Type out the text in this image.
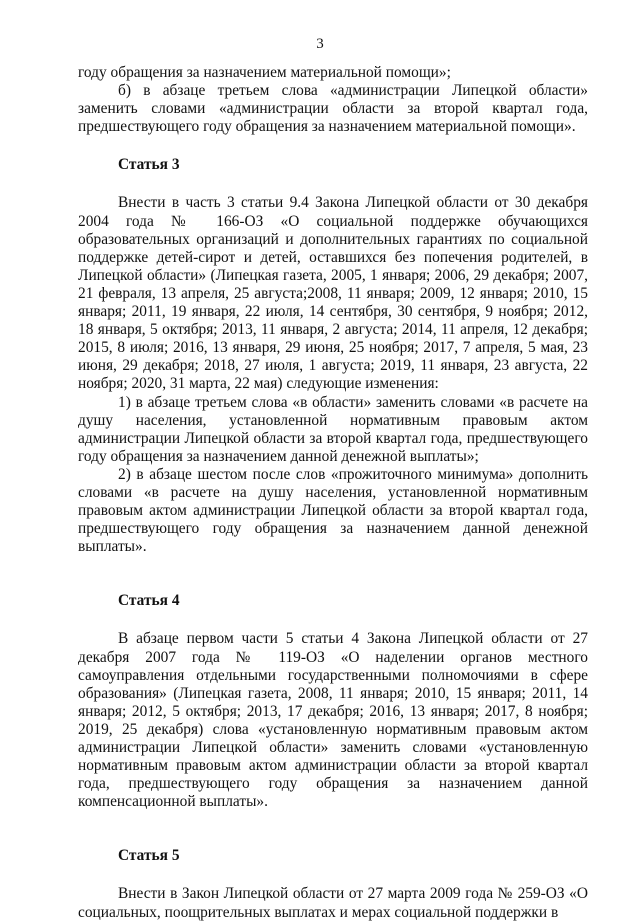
3

году обращения за назначением материальной помощи»;

б) в абзаце третьем слова «администрации Липецкой области» заменить словами «администрации области за второй квартал года, предшествующего году обращения за назначением материальной помощи».

Статья 3

Внести в часть 3 статьи 9.4 Закона Липецкой области от 30 декабря 2004 года № 166-ОЗ «О социальной поддержке обучающихся образовательных организаций и дополнительных гарантиях по социальной поддержке детей-сирот и детей, оставшихся без попечения родителей, в Липецкой области» (Липецкая газета, 2005, 1 января; 2006, 29 декабря; 2007, 21 февраля, 13 апреля, 25 августа;2008, 11 января; 2009, 12 января; 2010, 15 января; 2011, 19 января, 22 июля, 14 сентября, 30 сентября, 9 ноября; 2012, 18 января, 5 октября; 2013, 11 января, 2 августа; 2014, 11 апреля, 12 декабря; 2015, 8 июля; 2016, 13 января, 29 июня, 25 ноября; 2017, 7 апреля, 5 мая, 23 июня, 29 декабря; 2018, 27 июля, 1 августа; 2019, 11 января, 23 августа, 22 ноября; 2020, 31 марта, 22 мая) следующие изменения:

1) в абзаце третьем слова «в области» заменить словами «в расчете на душу населения, установленной нормативным правовым актом администрации Липецкой области за второй квартал года, предшествующего году обращения за назначением данной денежной выплаты»;

2) в абзаце шестом после слов «прожиточного минимума» дополнить словами «в расчете на душу населения, установленной нормативным правовым актом администрации Липецкой области за второй квартал года, предшествующего году обращения за назначением данной денежной выплаты».

Статья 4

В абзаце первом части 5 статьи 4 Закона Липецкой области от 27 декабря 2007 года № 119-ОЗ «О наделении органов местного самоуправления отдельными государственными полномочиями в сфере образования» (Липецкая газета, 2008, 11 января; 2010, 15 января; 2011, 14 января; 2012, 5 октября; 2013, 17 декабря; 2016, 13 января; 2017, 8 ноября; 2019, 25 декабря) слова «установленную нормативным правовым актом администрации Липецкой области» заменить словами «установленную нормативным правовым актом администрации области за второй квартал года, предшествующего году обращения за назначением данной компенсационной выплаты».

Статья 5

Внести в Закон Липецкой области от 27 марта 2009 года № 259-ОЗ «О социальных, поощрительных выплатах и мерах социальной поддержки в
